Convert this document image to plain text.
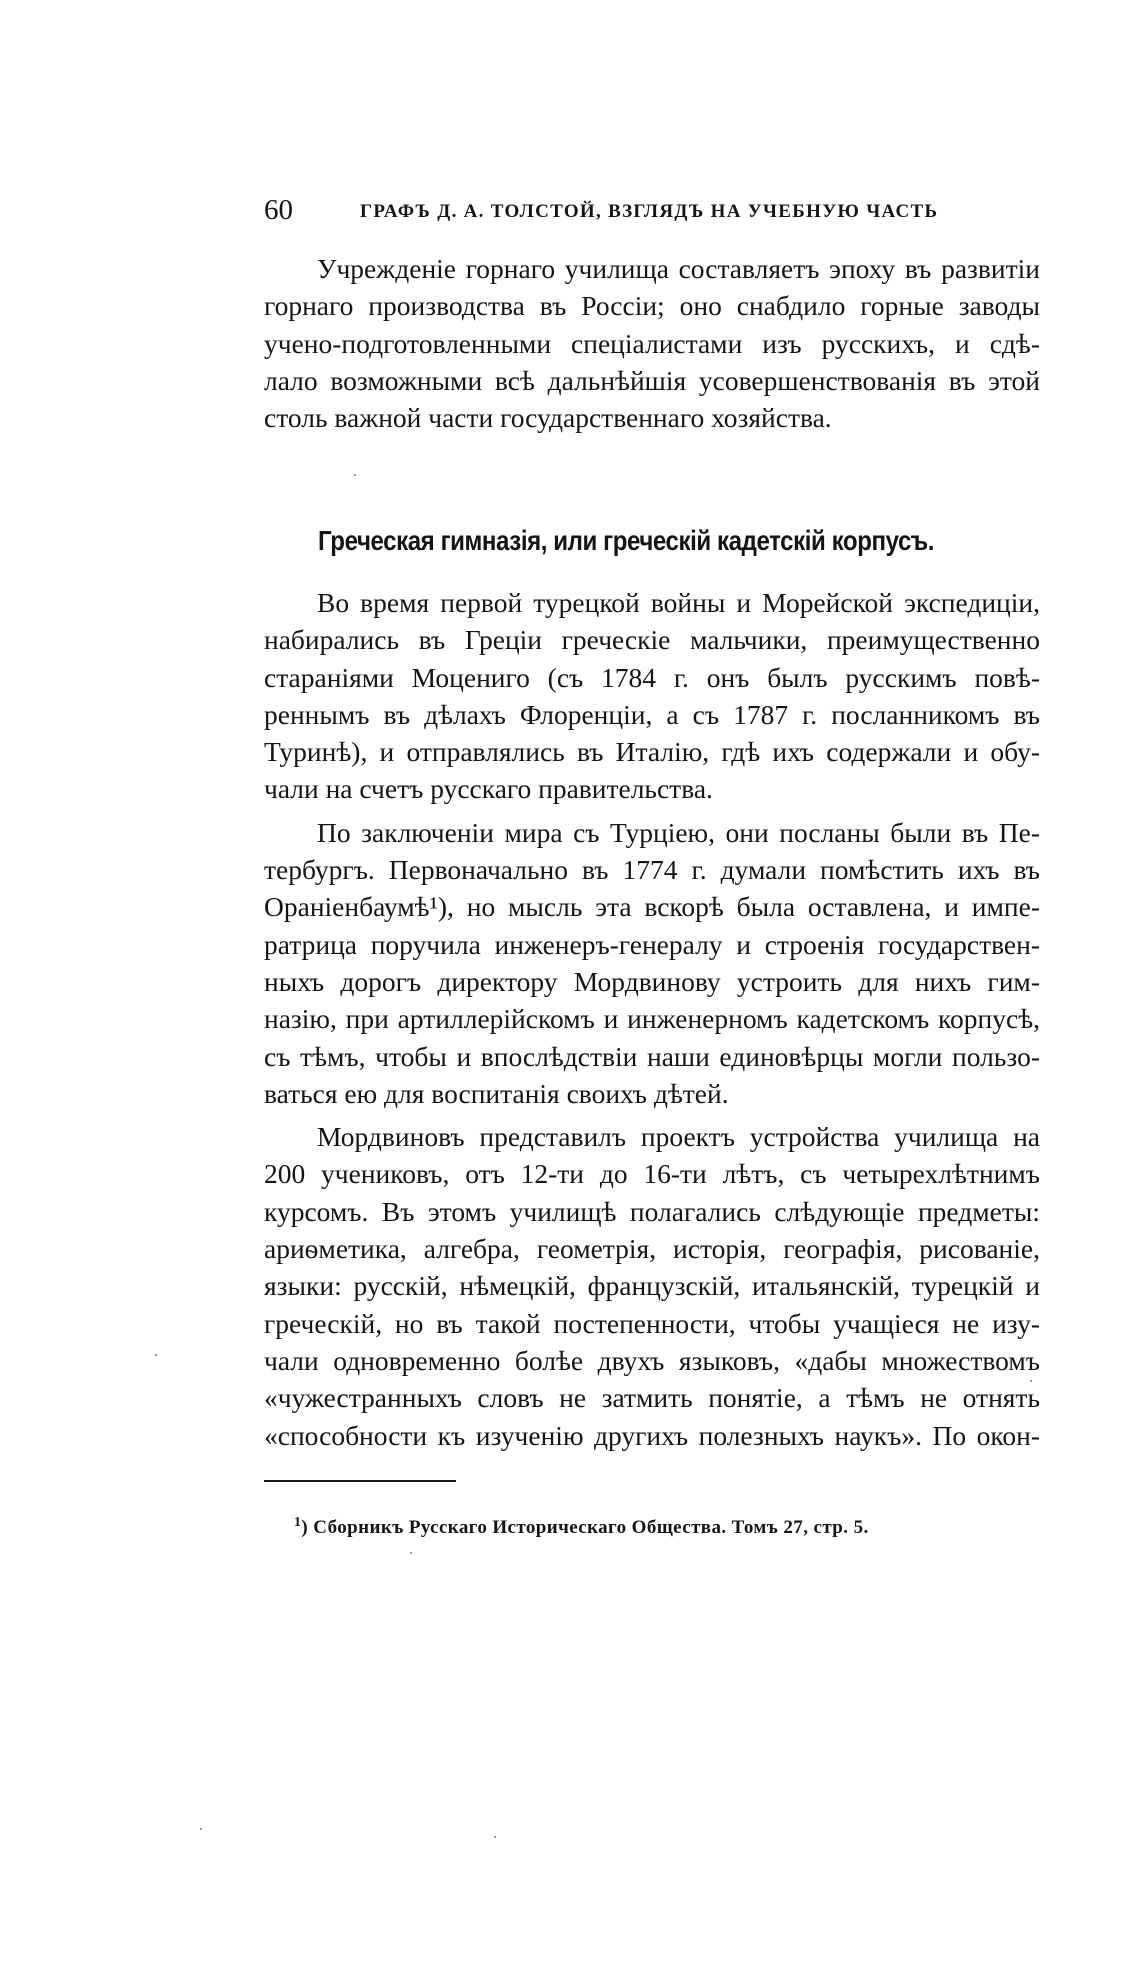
60	ГРАФЪ Д. А. ТОЛСТОЙ, ВЗГЛЯДЪ НА УЧЕБНУЮ ЧАСТЬ
Учрежденіе горнаго училища составляетъ эпоху въ развитіи
горнаго производства въ Россіи; оно снабдило горные заводы
учено-подготовленными спеціалистами изъ русскихъ, и сдѣ-
лало возможными всѣ дальнѣйшія усовершенствованія въ этой
столь важной части государственнаго хозяйства.
Греческая гимназія, или греческій кадетскій корпусъ.
Во время первой турецкой войны и Морейской экспедиціи,
набирались въ Греціи греческіе мальчики, преимущественно
стараніями Моцениго (съ 1784 г. онъ былъ русскимъ повѣ-
реннымъ въ дѣлахъ Флоренціи, а съ 1787 г. посланникомъ въ
Туринѣ), и отправлялись въ Италію, гдѣ ихъ содержали и обу-
чали на счетъ русскаго правительства.
По заключеніи мира съ Турціею, они посланы были въ Пе-
тербургъ. Первоначально въ 1774 г. думали помѣстить ихъ въ
Ораніенбаумѣ¹), но мысль эта вскорѣ была оставлена, и импе-
ратрица поручила инженеръ-генералу и строенія государствен-
ныхъ дорогъ директору Мордвинову устроить для нихъ гим-
назію, при артиллерійскомъ и инженерномъ кадетскомъ корпусѣ,
съ тѣмъ, чтобы и впослѣдствіи наши единовѣрцы могли пользо-
ваться ею для воспитанія своихъ дѣтей.
Мордвиновъ представилъ проектъ устройства училища на
200 учениковъ, отъ 12-ти до 16-ти лѣтъ, съ четырехлѣтнимъ
курсомъ. Въ этомъ училищѣ полагались слѣдующіе предметы:
ариѳметика, алгебра, геометрія, исторія, географія, рисованіе,
языки: русскій, нѣмецкій, французскій, итальянскій, турецкій и
греческій, но въ такой постепенности, чтобы учащіеся не изу-
чали одновременно болѣе двухъ языковъ, «дабы множествомъ
«чужестранныхъ словъ не затмить понятіе, а тѣмъ не отнять
«способности къ изученію другихъ полезныхъ наукъ». По окон-
$^1$) Сборникъ Русскаго Историческаго Общества. Томъ 27, стр. 5.
